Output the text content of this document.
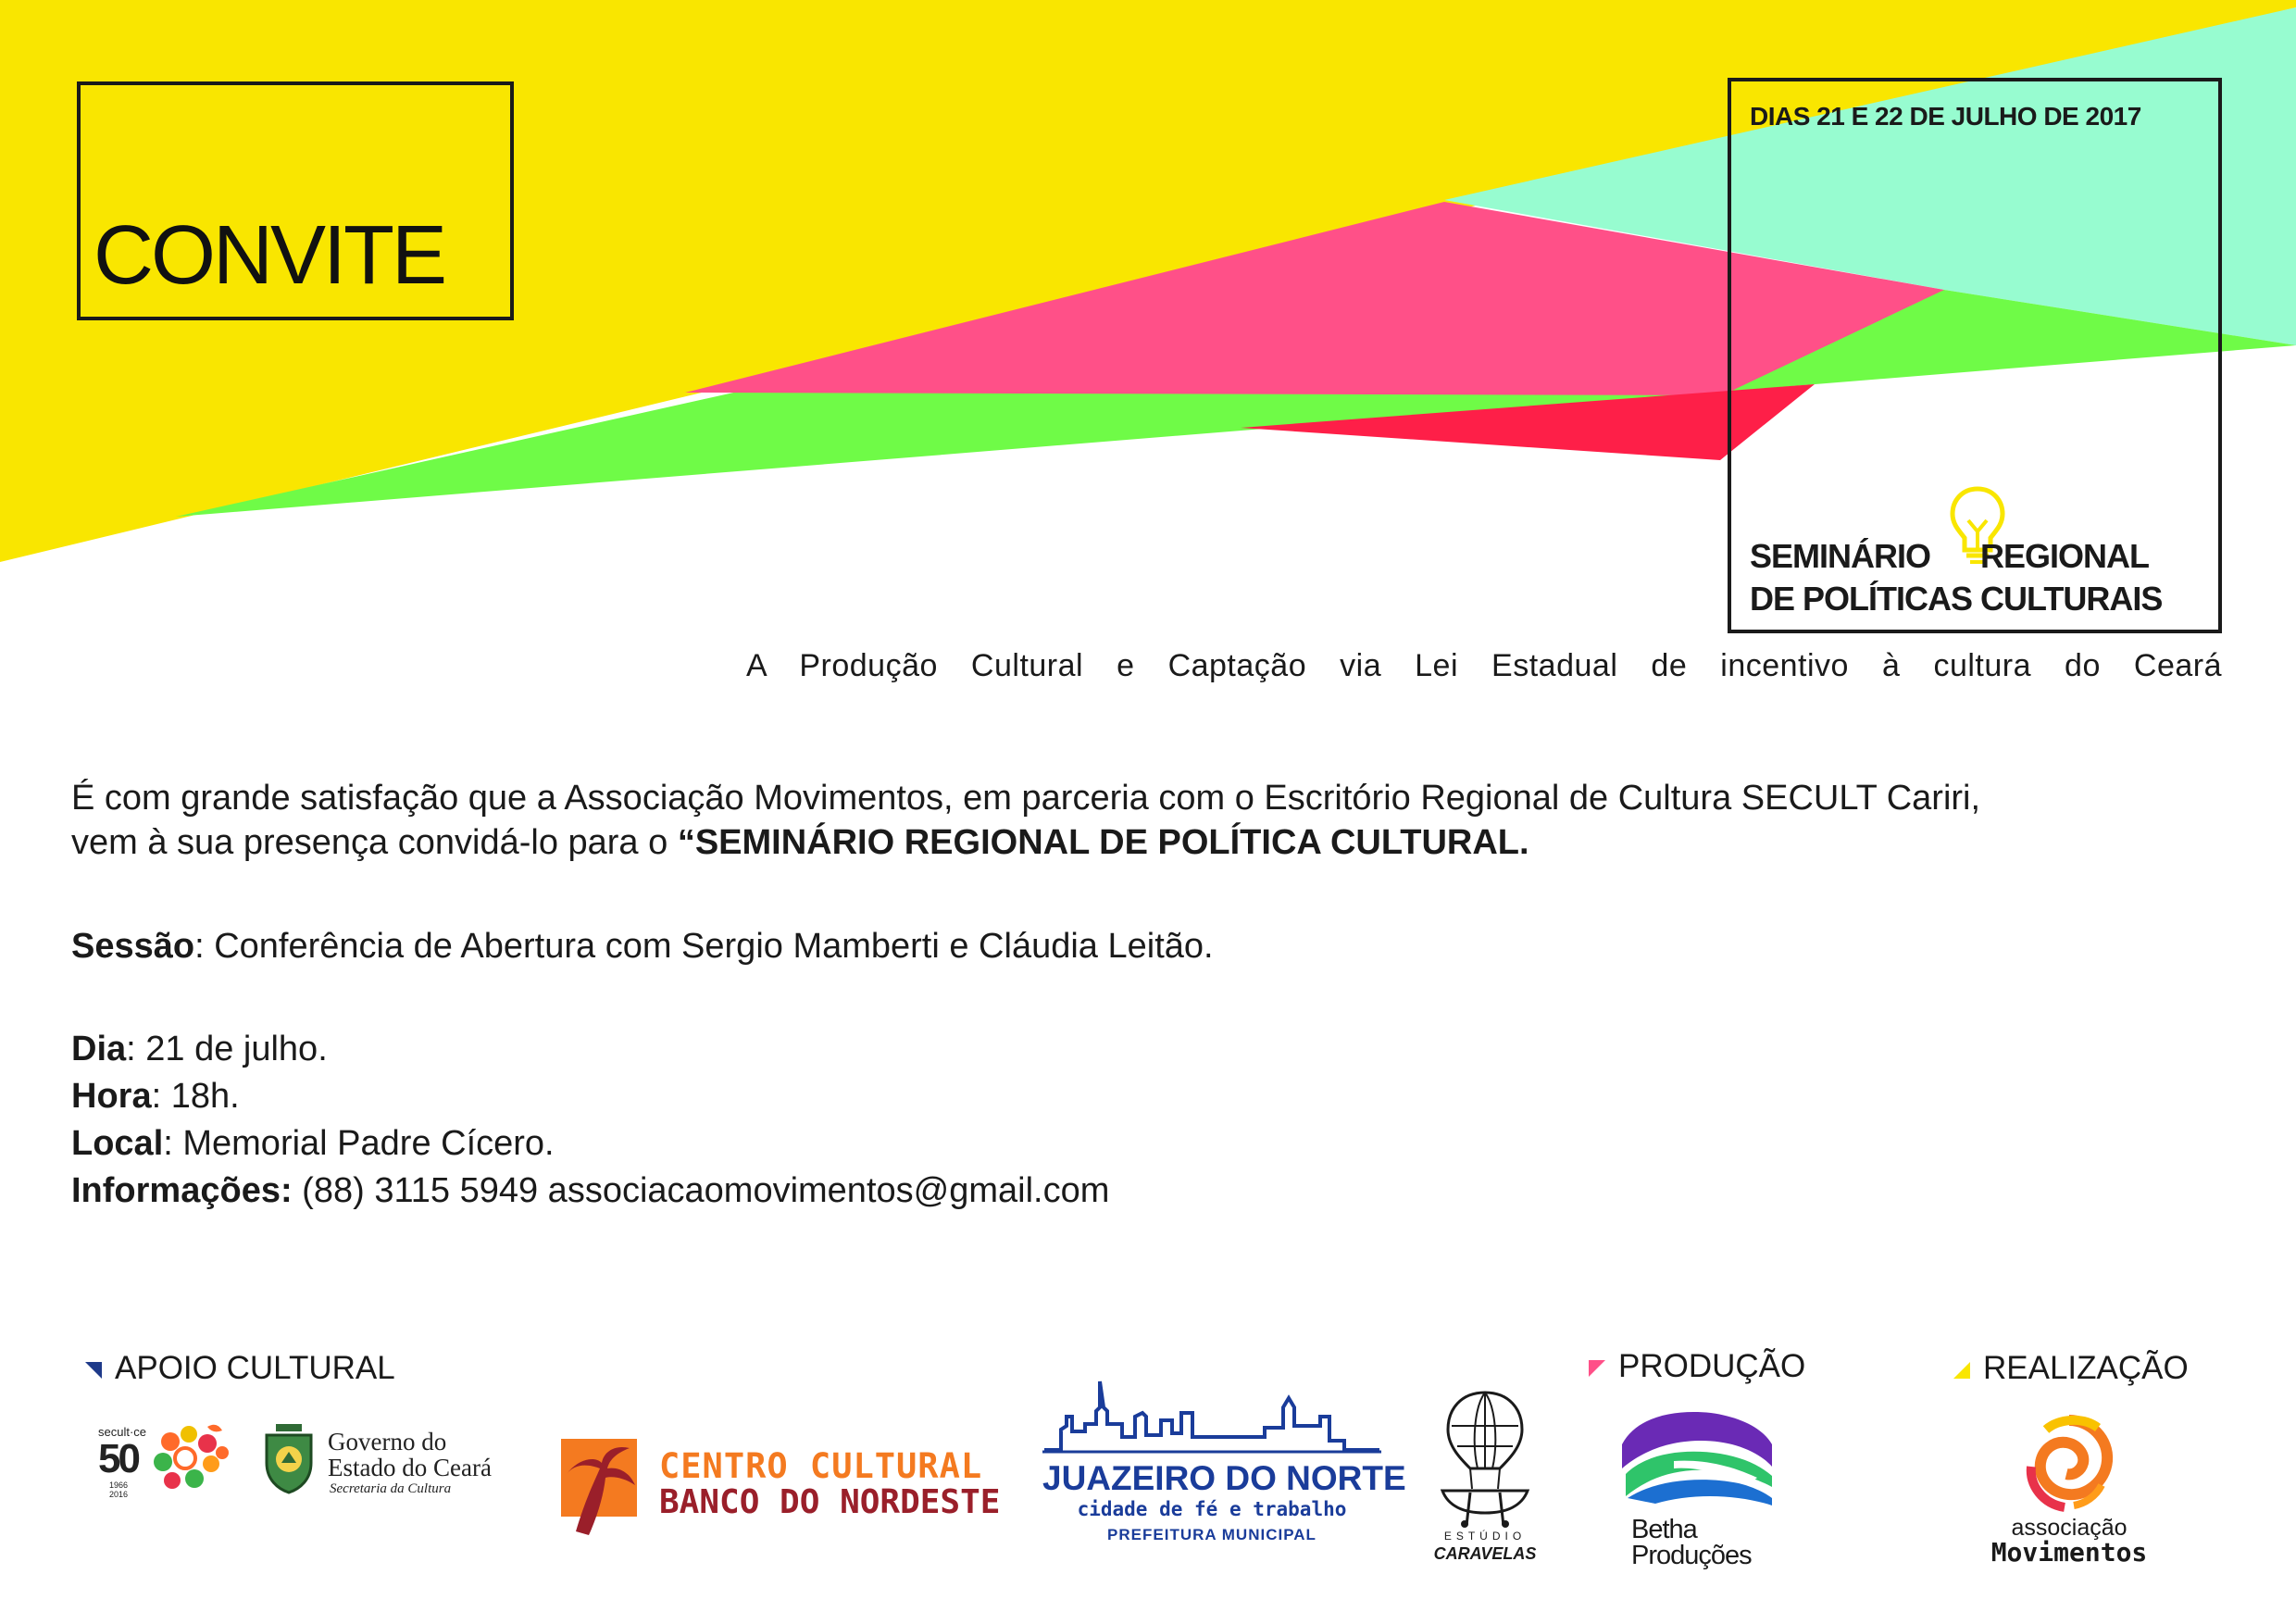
CONVITE
DIAS 21 E 22 DE JULHO DE 2017
SEMINÁRIO REGIONAL
DE POLÍTICAS CULTURAIS
A Produção Cultural e Captação via Lei Estadual de incentivo à cultura do Ceará
É com grande satisfação que a Associação Movimentos, em parceria com o Escritório Regional de Cultura SECULT Cariri,
vem à sua presença convidá-lo para o “SEMINÁRIO REGIONAL DE POLÍTICA CULTURAL.
Sessão: Conferência de Abertura com Sergio Mamberti e Cláudia Leitão.
Dia: 21 de julho.
Hora: 18h.
Local: Memorial Padre Cícero.
Informações: (88) 3115 5949 associacaomovimentos@gmail.com
APOIO CULTURAL	PRODUÇÃO	REALIZAÇÃO
secult·ce
50
1966 2016
Governo do
Estado do Ceará
Secretaria da Cultura
CENTRO CULTURAL
BANCO DO NORDESTE
JUAZEIRO DO NORTE
cidade de fé e trabalho
PREFEITURA MUNICIPAL	ESTÚDIO
CARAVELAS
Betha
Produções
associação
Movimentos
